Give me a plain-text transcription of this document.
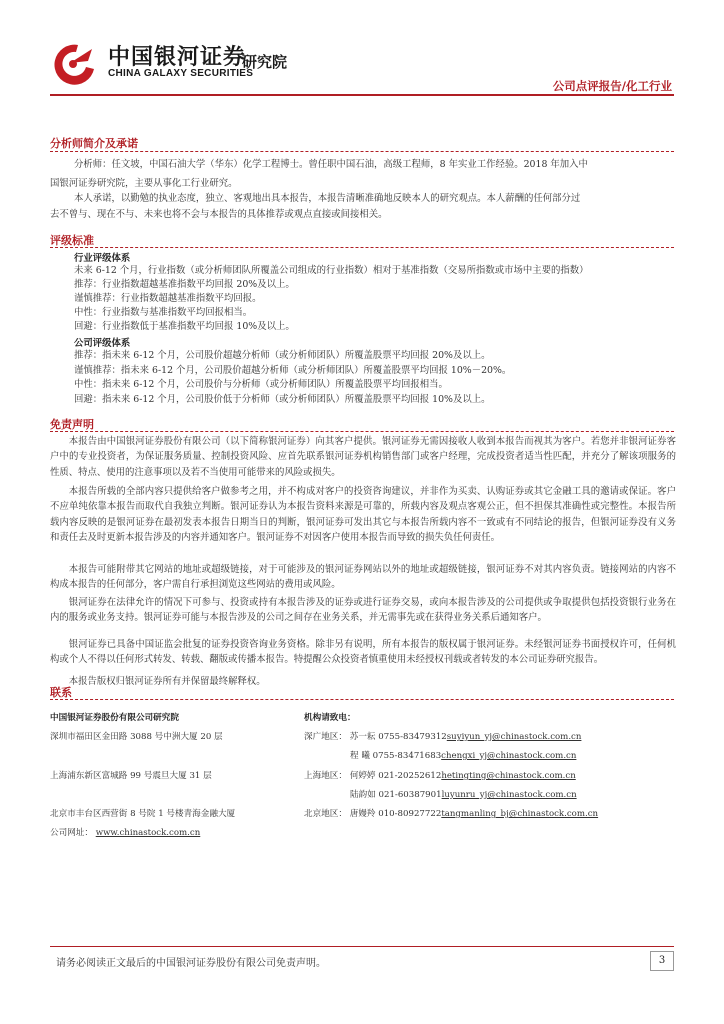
中国银河证券
研究院
CHINA GALAXY SECURITIES
公司点评报告/化工行业
分析师简介及承诺
分析师：任文坡，中国石油大学（华东）化学工程博士。曾任职中国石油，高级工程师，8 年实业工作经验。2018 年加入中
国银河证券研究院，主要从事化工行业研究。
本人承诺，以勤勉的执业态度，独立、客观地出具本报告，本报告清晰准确地反映本人的研究观点。本人薪酬的任何部分过
去不曾与、现在不与、未来也将不会与本报告的具体推荐或观点直接或间接相关。
评级标准
行业评级体系
未来 6-12 个月，行业指数（或分析师团队所覆盖公司组成的行业指数）相对于基准指数（交易所指数或市场中主要的指数）
推荐：行业指数超越基准指数平均回报 20%及以上。
谨慎推荐：行业指数超越基准指数平均回报。
中性：行业指数与基准指数平均回报相当。
回避：行业指数低于基准指数平均回报 10%及以上。
公司评级体系
推荐：指未来 6-12 个月，公司股价超越分析师（或分析师团队）所覆盖股票平均回报 20%及以上。
谨慎推荐：指未来 6-12 个月，公司股价超越分析师（或分析师团队）所覆盖股票平均回报 10%－20%。
中性：指未来 6-12 个月，公司股价与分析师（或分析师团队）所覆盖股票平均回报相当。
回避：指未来 6-12 个月，公司股价低于分析师（或分析师团队）所覆盖股票平均回报 10%及以上。
免责声明
本报告由中国银河证券股份有限公司（以下简称银河证券）向其客户提供。银河证券无需因接收人收到本报告而视其为客户。若您并非银河证券客户中的专业投资者，为保证服务质量、控制投资风险、应首先联系银河证券机构销售部门或客户经理，完成投资者适当性匹配，并充分了解该项服务的性质、特点、使用的注意事项以及若不当使用可能带来的风险或损失。
本报告所载的全部内容只提供给客户做参考之用，并不构成对客户的投资咨询建议，并非作为买卖、认购证券或其它金融工具的邀请或保证。客户不应单纯依靠本报告而取代自我独立判断。银河证券认为本报告资料来源是可靠的，所载内容及观点客观公正，但不担保其准确性或完整性。本报告所载内容反映的是银河证券在最初发表本报告日期当日的判断，银河证券可发出其它与本报告所载内容不一致或有不同结论的报告，但银河证券没有义务和责任去及时更新本报告涉及的内容并通知客户。银河证券不对因客户使用本报告而导致的损失负任何责任。
本报告可能附带其它网站的地址或超级链接，对于可能涉及的银河证券网站以外的地址或超级链接，银河证券不对其内容负责。链接网站的内容不构成本报告的任何部分，客户需自行承担浏览这些网站的费用或风险。
银河证券在法律允许的情况下可参与、投资或持有本报告涉及的证券或进行证券交易，或向本报告涉及的公司提供或争取提供包括投资银行业务在内的服务或业务支持。银河证券可能与本报告涉及的公司之间存在业务关系，并无需事先或在获得业务关系后通知客户。
银河证券已具备中国证监会批复的证券投资咨询业务资格。除非另有说明，所有本报告的版权属于银河证券。未经银河证券书面授权许可，任何机构或个人不得以任何形式转发、转载、翻版或传播本报告。特提醒公众投资者慎重使用未经授权刊载或者转发的本公司证券研究报告。
本报告版权归银河证券所有并保留最终解释权。
联系
中国银河证券股份有限公司研究院
深圳市福田区金田路 3088 号中洲大厦 20 层
上海浦东新区富城路 99 号震旦大厦 31 层
北京市丰台区西营街 8 号院 1 号楼青海金融大厦
公司网址： www.chinastock.com.cn
机构请致电：
深广地区： 苏一耘 0755-83479312suyiyun_yj@chinastock.com.cn
程 曦 0755-83471683chengxi_yj@chinastock.com.cn
上海地区： 何婷婷 021-20252612hetingting@chinastock.com.cn
陆韵如 021-60387901luyunru_yj@chinastock.com.cn
北京地区： 唐嫚羚 010-80927722tangmanling_bj@chinastock.com.cn
请务必阅读正文最后的中国银河证券股份有限公司免责声明。	3
